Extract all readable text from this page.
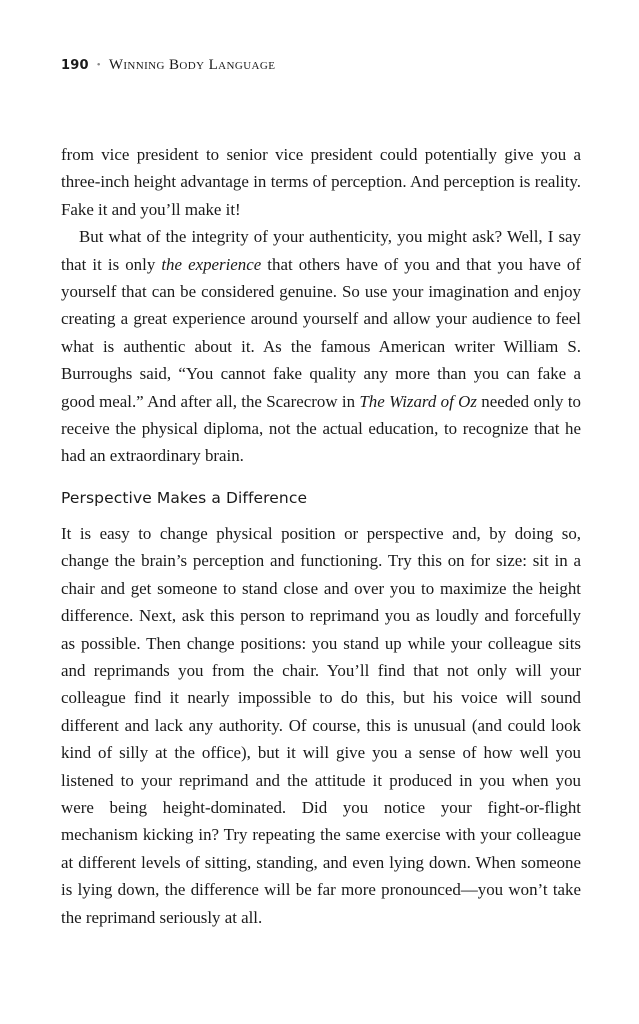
190 • Winning Body Language

from vice president to senior vice president could potentially give you a three-inch height advantage in terms of perception. And perception is reality. Fake it and you’ll make it!

But what of the integrity of your authenticity, you might ask? Well, I say that it is only the experience that others have of you and that you have of yourself that can be considered genuine. So use your imagination and enjoy creating a great experience around yourself and allow your audience to feel what is authentic about it. As the famous American writer William S. Burroughs said, “You cannot fake quality any more than you can fake a good meal.” And after all, the Scarecrow in The Wizard of Oz needed only to receive the physical diploma, not the actual education, to recognize that he had an extraordinary brain.

Perspective Makes a Difference

It is easy to change physical position or perspective and, by doing so, change the brain’s perception and functioning. Try this on for size: sit in a chair and get someone to stand close and over you to maximize the height difference. Next, ask this person to reprimand you as loudly and forcefully as possible. Then change positions: you stand up while your colleague sits and reprimands you from the chair. You’ll find that not only will your colleague find it nearly impossible to do this, but his voice will sound different and lack any authority. Of course, this is unusual (and could look kind of silly at the office), but it will give you a sense of how well you listened to your reprimand and the attitude it produced in you when you were being height-dominated. Did you notice your fight-or-flight mechanism kicking in? Try repeating the same exercise with your colleague at different levels of sitting, standing, and even lying down. When someone is lying down, the difference will be far more pronounced—you won’t take the reprimand seriously at all.
